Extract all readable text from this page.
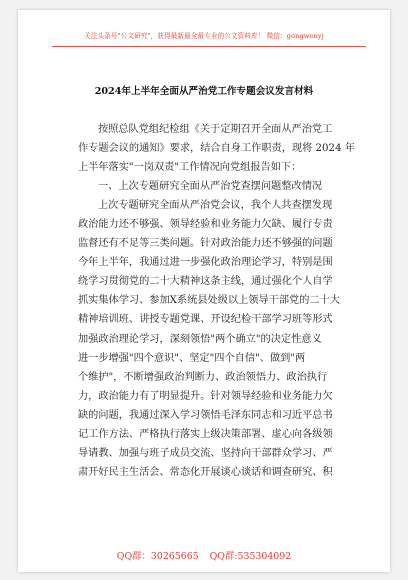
关注头条号"公文研究"，获得最新最全最专业的公文资料库！ 微信：gongwenyj
2024年上半年全面从严治党工作专题会议发言材料
按照总队党组纪检组《关于定期召开全面从严治党工
作专题会议的通知》要求，结合自身工作职责，现将 2024 年
上半年落实"一岗双责"工作情况向党组报告如下：
一、上次专题研究全面从严治党查摆问题整改情况
上次专题研究全面从严治党会议，我个人共查摆发现
政治能力还不够强、领导经验和业务能力欠缺、履行专责
监督还有不足等三类问题。针对政治能力还不够强的问题
今年上半年，我通过进一步强化政治理论学习，特别是围
绕学习贯彻党的二十大精神这条主线，通过强化个人自学
抓实集体学习、参加X系统县处级以上领导干部党的二十大
精神培训班、讲授专题党课、开设纪检干部学习班等形式
加强政治理论学习，深刻领悟"两个确立"的决定性意义
进一步增强"四个意识"、坚定"四个自信"、做到"两
个维护"，不断增强政治判断力、政治领悟力、政治执行
力，政治能力有了明显提升。针对领导经验和业务能力欠
缺的问题，我通过深入学习领悟毛泽东同志和习近平总书
记工作方法、严格执行落实上级决策部署、虚心向各级领
导请教、加强与班子成员交流、坚持向干部群众学习、严
肃开好民主生活会、常态化开展谈心谈话和调查研究、积
QQ群：30265665 QQ群:535304092
